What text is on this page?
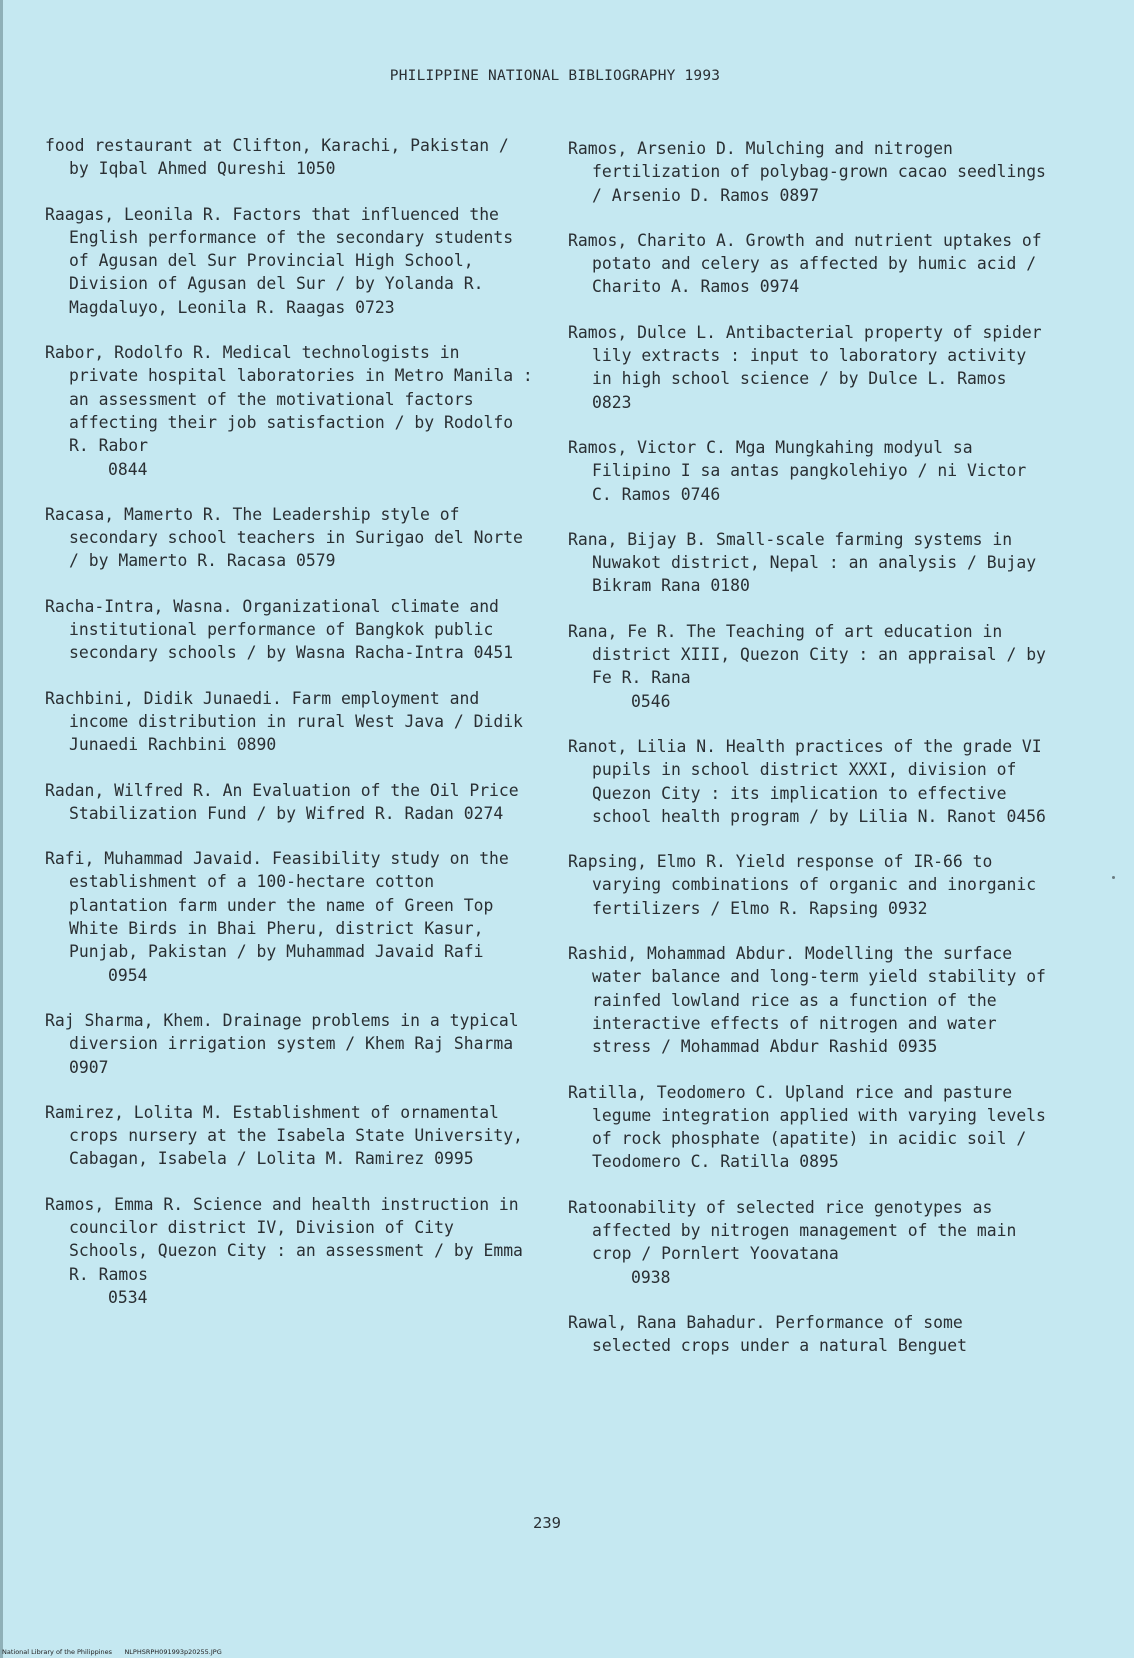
PHILIPPINE NATIONAL BIBLIOGRAPHY 1993

food restaurant at Clifton, Karachi, Pakistan / by Iqbal Ahmed Qureshi 1050

Raagas, Leonila R. Factors that influenced the English performance of the secondary students of Agusan del Sur Provincial High School, Division of Agusan del Sur / by Yolanda R. Magdaluyo, Leonila R. Raagas 0723

Rabor, Rodolfo R. Medical technologists in private hospital laboratories in Metro Manila : an assessment of the motivational factors affecting their job satisfaction / by Rodolfo R. Rabor
0844

Racasa, Mamerto R. The Leadership style of secondary school teachers in Surigao del Norte / by Mamerto R. Racasa 0579

Racha-Intra, Wasna. Organizational climate and institutional performance of Bangkok public secondary schools / by Wasna Racha-Intra 0451

Rachbini, Didik Junaedi. Farm employment and income distribution in rural West Java / Didik Junaedi Rachbini 0890

Radan, Wilfred R. An Evaluation of the Oil Price Stabilization Fund / by Wifred R. Radan 0274

Rafi, Muhammad Javaid. Feasibility study on the establishment of a 100-hectare cotton plantation farm under the name of Green Top White Birds in Bhai Pheru, district Kasur, Punjab, Pakistan / by Muhammad Javaid Rafi
0954

Raj Sharma, Khem. Drainage problems in a typical diversion irrigation system / Khem Raj Sharma 0907

Ramirez, Lolita M. Establishment of ornamental crops nursery at the Isabela State University, Cabagan, Isabela / Lolita M. Ramirez 0995

Ramos, Emma R. Science and health instruction in councilor district IV, Division of City Schools, Quezon City : an assessment / by Emma R. Ramos
0534

Ramos, Arsenio D. Mulching and nitrogen fertilization of polybag-grown cacao seedlings / Arsenio D. Ramos 0897

Ramos, Charito A. Growth and nutrient uptakes of potato and celery as affected by humic acid / Charito A. Ramos 0974

Ramos, Dulce L. Antibacterial property of spider lily extracts : input to laboratory activity in high school science / by Dulce L. Ramos 0823

Ramos, Victor C. Mga Mungkahing modyul sa Filipino I sa antas pangkolehiyo / ni Victor C. Ramos 0746

Rana, Bijay B. Small-scale farming systems in Nuwakot district, Nepal : an analysis / Bujay Bikram Rana 0180

Rana, Fe R. The Teaching of art education in district XIII, Quezon City : an appraisal / by Fe R. Rana
0546

Ranot, Lilia N. Health practices of the grade VI pupils in school district XXXI, division of Quezon City : its implication to effective school health program / by Lilia N. Ranot 0456

Rapsing, Elmo R. Yield response of IR-66 to varying combinations of organic and inorganic fertilizers / Elmo R. Rapsing 0932

Rashid, Mohammad Abdur. Modelling the surface water balance and long-term yield stability of rainfed lowland rice as a function of the interactive effects of nitrogen and water stress / Mohammad Abdur Rashid 0935

Ratilla, Teodomero C. Upland rice and pasture legume integration applied with varying levels of rock phosphate (apatite) in acidic soil / Teodomero C. Ratilla 0895

Ratoonability of selected rice genotypes as affected by nitrogen management of the main crop / Pornlert Yoovatana
0938

Rawal, Rana Bahadur. Performance of some selected crops under a natural Benguet

239
National Library of the Philippines NLPHSRPH091993p20255.JPG
